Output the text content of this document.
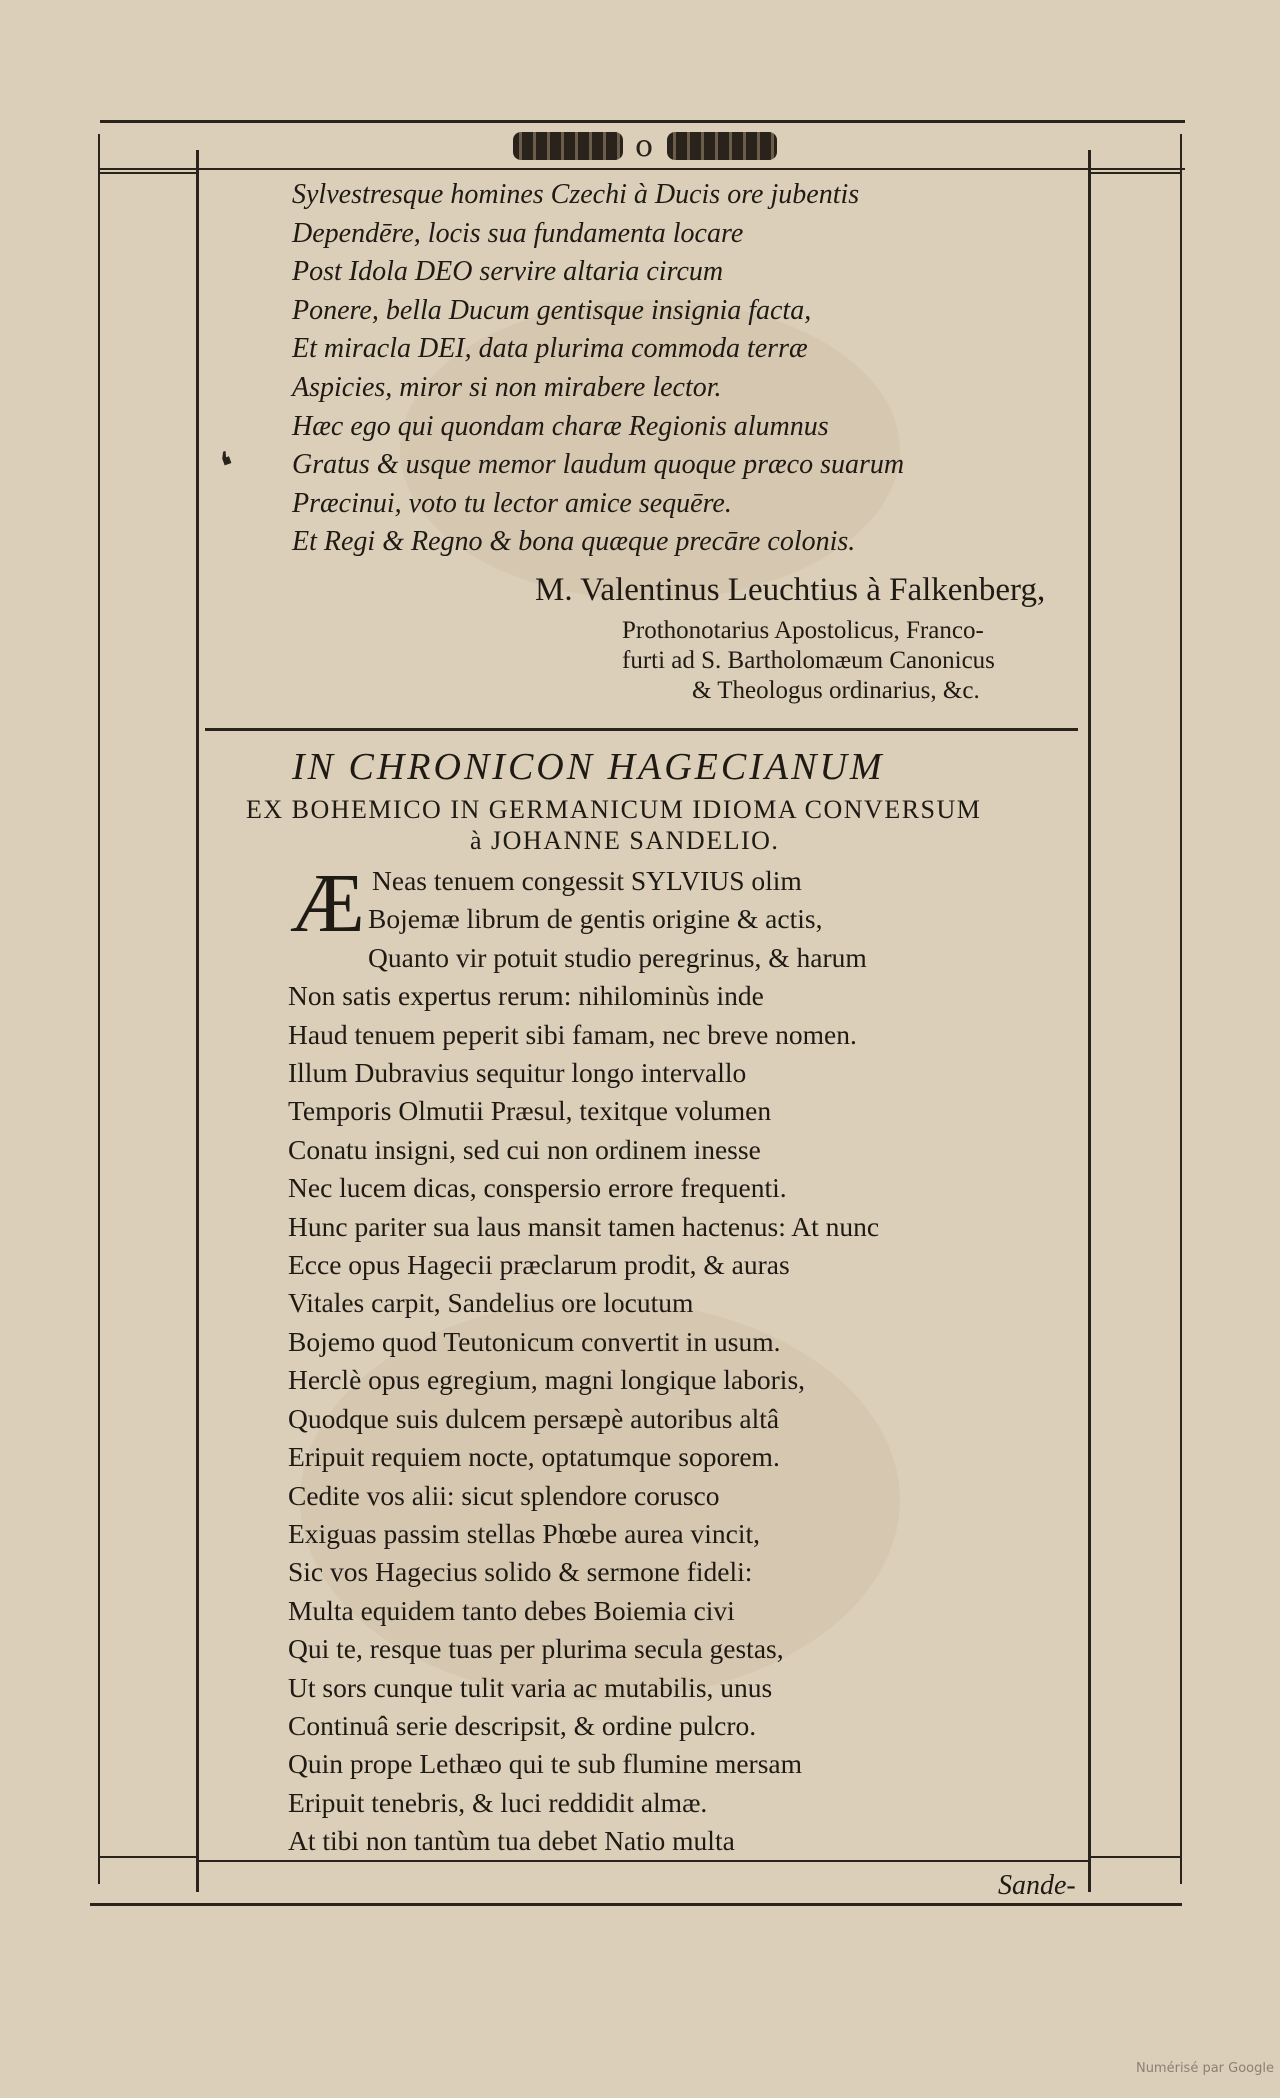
o
❛
Sylvestresque homines Czechi à Ducis ore jubentis
Dependēre, locis sua fundamenta locare
Post Idola DEO servire altaria circum
Ponere, bella Ducum gentisque insignia facta,
Et miracla DEI, data plurima commoda terræ
Aspicies, miror si non mirabere lector.
Hæc ego qui quondam charæ Regionis alumnus
Gratus & usque memor laudum quoque præco suarum
Præcinui, voto tu lector amice sequēre.
Et Regi & Regno & bona quæque precāre colonis.
M. Valentinus Leuchtius à Falkenberg,
Prothonotarius Apostolicus, Franco-
furti ad S. Bartholomæum Canonicus
& Theologus ordinarius, &c.
IN CHRONICON HAGECIANUM
EX BOHEMICO IN GERMANICUM IDIOMA CONVERSUM
à JOHANNE SANDELIO.
Æ Neas tenuem congessit SYLVIUS olim
Bojemæ librum de gentis origine & actis,
Quanto vir potuit studio peregrinus, & harum
Non satis expertus rerum: nihilominùs inde
Haud tenuem peperit sibi famam, nec breve nomen.
Illum Dubravius sequitur longo intervallo
Temporis Olmutii Præsul, texitque volumen
Conatu insigni, sed cui non ordinem inesse
Nec lucem dicas, conspersio errore frequenti.
Hunc pariter sua laus mansit tamen hactenus: At nunc
Ecce opus Hagecii præclarum prodit, & auras
Vitales carpit, Sandelius ore locutum
Bojemo quod Teutonicum convertit in usum.
Herclè opus egregium, magni longique laboris,
Quodque suis dulcem persæpè autoribus altâ
Eripuit requiem nocte, optatumque soporem.
Cedite vos alii: sicut splendore corusco
Exiguas passim stellas Phœbe aurea vincit,
Sic vos Hagecius solido & sermone fideli:
Multa equidem tanto debes Boiemia civi
Qui te, resque tuas per plurima secula gestas,
Ut sors cunque tulit varia ac mutabilis, unus
Continuâ serie descripsit, & ordine pulcro.
Quin prope Lethæo qui te sub flumine mersam
Eripuit tenebris, & luci reddidit almæ.
At tibi non tantùm tua debet Natio multa
Sande-
Numérisé par Google
